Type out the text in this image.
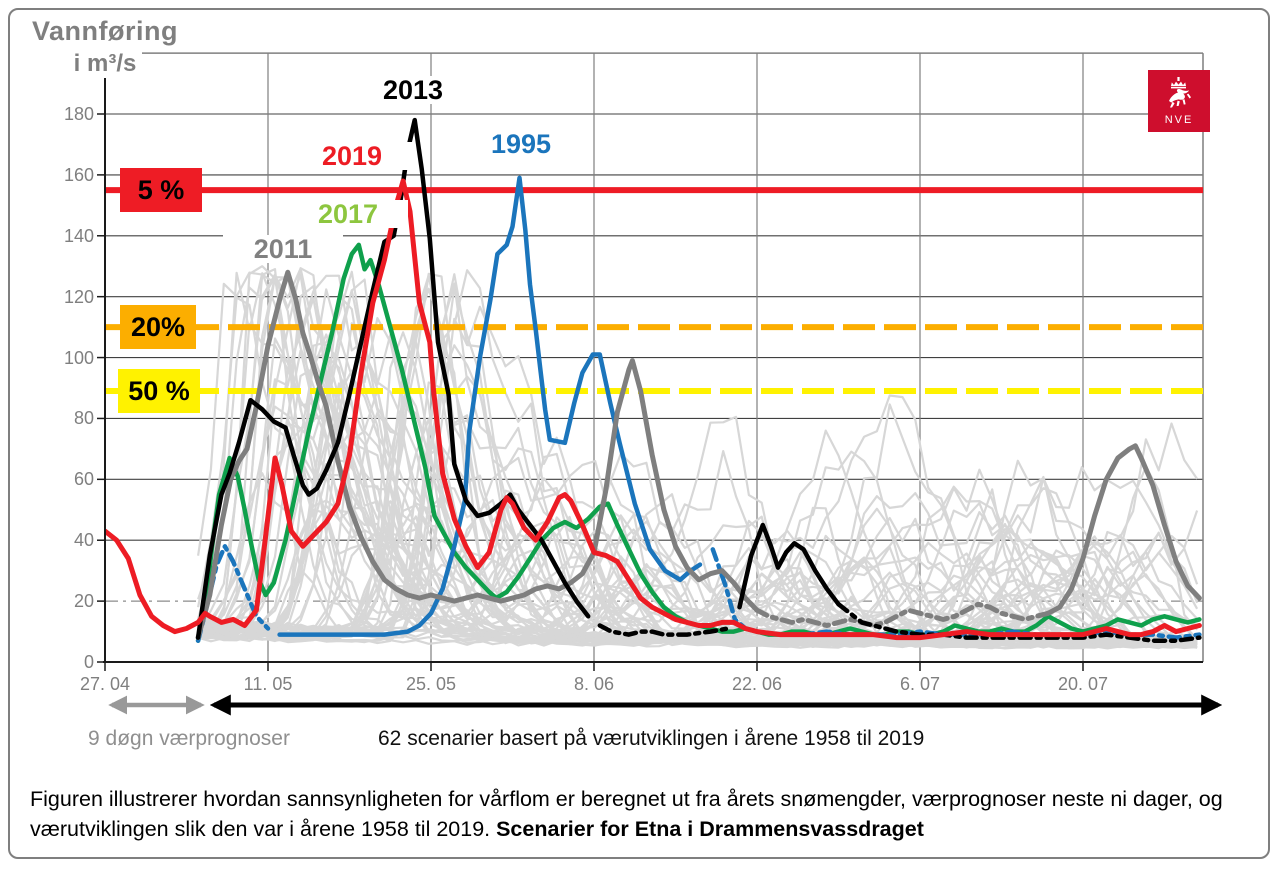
Vannføring
i m³/s
0
20
40
60
80
100
120
140
160
180
27. 04	11. 05	25. 05	8. 06	22. 06	6. 07	20. 07
5 %
20%
50 %
2017
1995
2011
2013
2019
NVE
9 døgn værprognoser	62 scenarier basert på værutviklingen i årene 1958 til 2019
Figuren illustrerer hvordan sannsynligheten for vårflom er beregnet ut fra årets snømengder, værprognoser neste ni dager, og værutviklingen slik den var i årene 1958 til 2019. Scenarier for Etna i Drammensvassdraget
